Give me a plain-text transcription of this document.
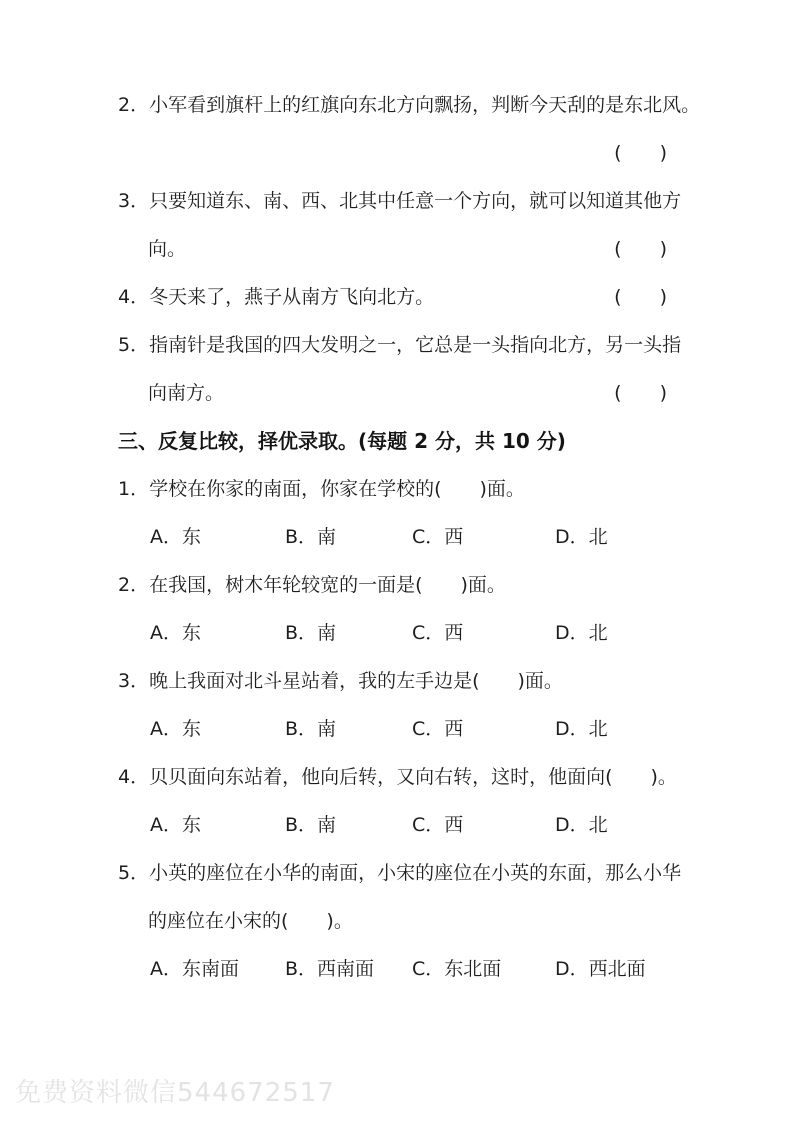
2． 小军看到旗杆上的红旗向东北方向飘扬，判断今天刮的是东北风。
(　　)
3． 只要知道东、南、西、北其中任意一个方向，就可以知道其他方
向。	(　　)
4． 冬天来了，燕子从南方飞向北方。	(　　)
5． 指南针是我国的四大发明之一，它总是一头指向北方，另一头指
向南方。	(　　)
三、反复比较，择优录取。(每题 2 分，共 10 分)
1． 学校在你家的南面，你家在学校的(　　)面。
A．东	B．南	C．西	D．北
2． 在我国，树木年轮较宽的一面是(　　)面。
A．东	B．南	C．西	D．北
3． 晚上我面对北斗星站着，我的左手边是(　　)面。
A．东	B．南	C．西	D．北
4． 贝贝面向东站着，他向后转，又向右转，这时，他面向(　　)。
A．东	B．南	C．西	D．北
5． 小英的座位在小华的南面，小宋的座位在小英的东面，那么小华
的座位在小宋的(　　)。
A．东南面	B．西南面	C．东北面	D．西北面
免费资料微信544672517
